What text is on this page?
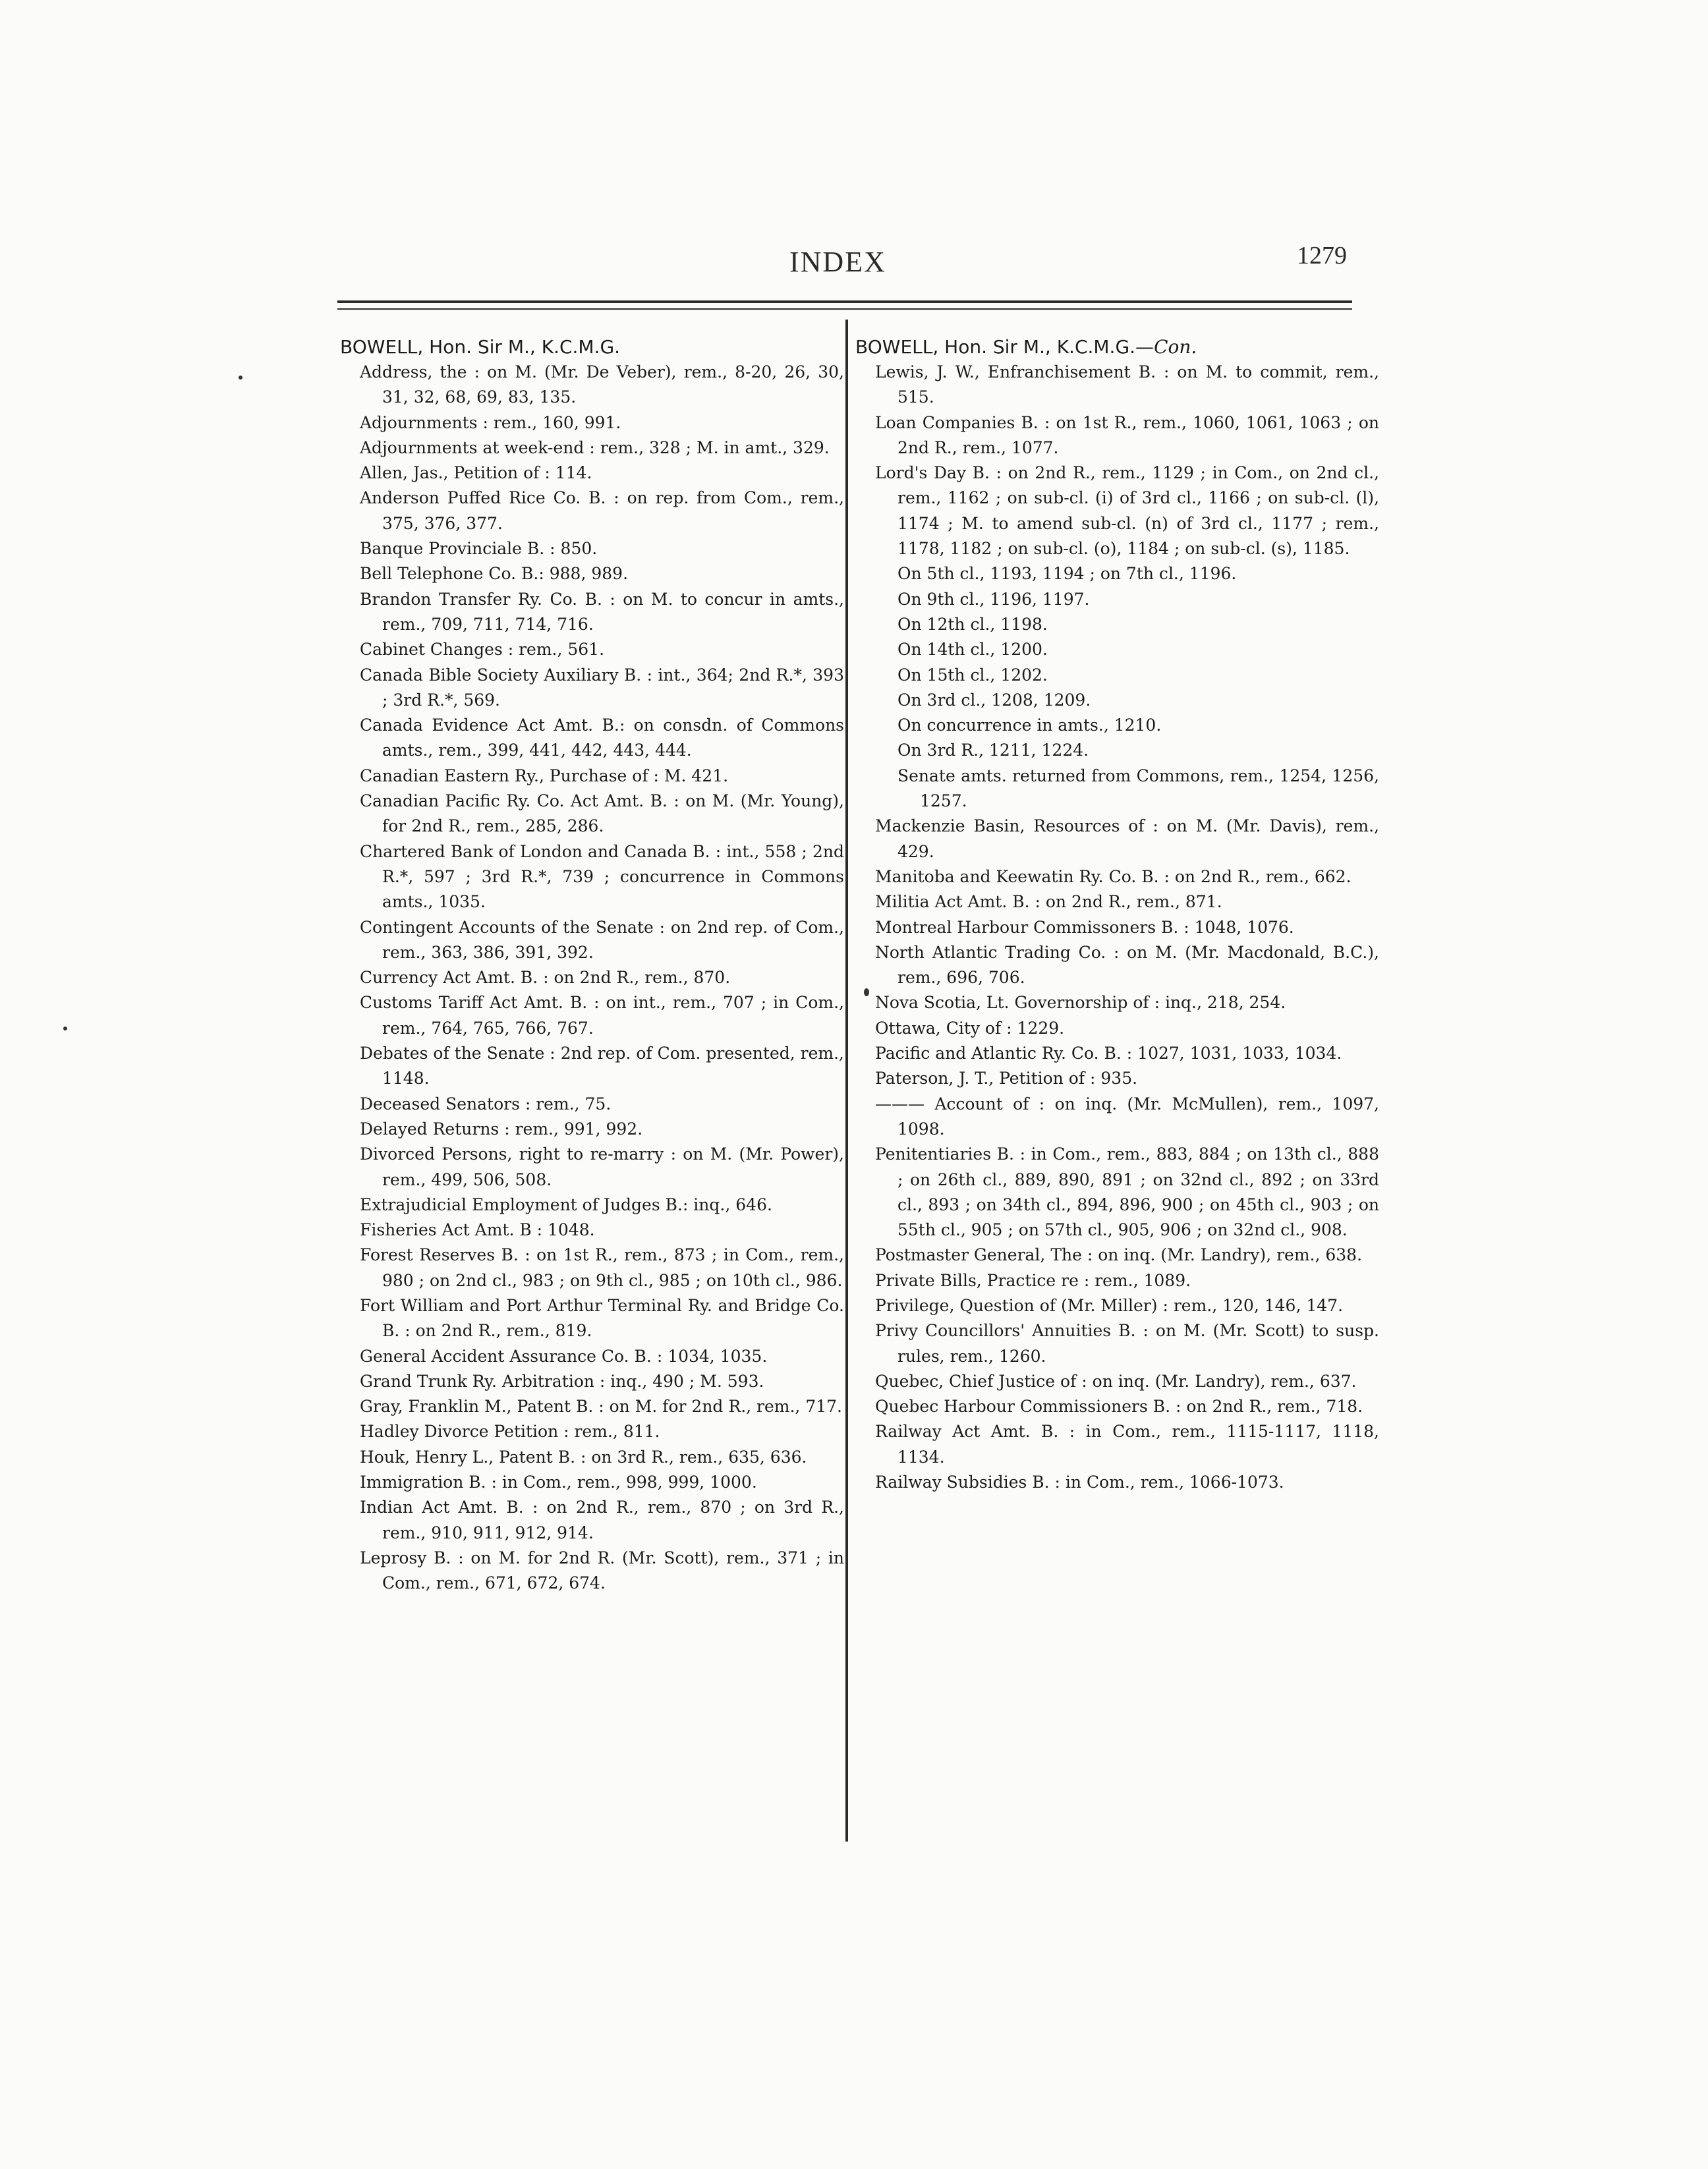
INDEX	1279
BOWELL, Hon. Sir M., K.C.M.G.
Address, the : on M. (Mr. De Veber), rem., 8-20, 26, 30, 31, 32, 68, 69, 83, 135.
Adjournments : rem., 160, 991.
Adjournments at week-end : rem., 328 ; M. in amt., 329.
Allen, Jas., Petition of : 114.
Anderson Puffed Rice Co. B. : on rep. from Com., rem., 375, 376, 377.
Banque Provinciale B. : 850.
Bell Telephone Co. B.: 988, 989.
Brandon Transfer Ry. Co. B. : on M. to concur in amts., rem., 709, 711, 714, 716.
Cabinet Changes : rem., 561.
Canada Bible Society Auxiliary B. : int., 364; 2nd R.*, 393 ; 3rd R.*, 569.
Canada Evidence Act Amt. B.: on consdn. of Commons amts., rem., 399, 441, 442, 443, 444.
Canadian Eastern Ry., Purchase of : M. 421.
Canadian Pacific Ry. Co. Act Amt. B. : on M. (Mr. Young), for 2nd R., rem., 285, 286.
Chartered Bank of London and Canada B. : int., 558 ; 2nd R.*, 597 ; 3rd R.*, 739 ; concurrence in Commons amts., 1035.
Contingent Accounts of the Senate : on 2nd rep. of Com., rem., 363, 386, 391, 392.
Currency Act Amt. B. : on 2nd R., rem., 870.
Customs Tariff Act Amt. B. : on int., rem., 707 ; in Com., rem., 764, 765, 766, 767.
Debates of the Senate : 2nd rep. of Com. presented, rem., 1148.
Deceased Senators : rem., 75.
Delayed Returns : rem., 991, 992.
Divorced Persons, right to re-marry : on M. (Mr. Power), rem., 499, 506, 508.
Extrajudicial Employment of Judges B.: inq., 646.
Fisheries Act Amt. B : 1048.
Forest Reserves B. : on 1st R., rem., 873 ; in Com., rem., 980 ; on 2nd cl., 983 ; on 9th cl., 985 ; on 10th cl., 986.
Fort William and Port Arthur Terminal Ry. and Bridge Co. B. : on 2nd R., rem., 819.
General Accident Assurance Co. B. : 1034, 1035.
Grand Trunk Ry. Arbitration : inq., 490 ; M. 593.
Gray, Franklin M., Patent B. : on M. for 2nd R., rem., 717.
Hadley Divorce Petition : rem., 811.
Houk, Henry L., Patent B. : on 3rd R., rem., 635, 636.
Immigration B. : in Com., rem., 998, 999, 1000.
Indian Act Amt. B. : on 2nd R., rem., 870 ; on 3rd R., rem., 910, 911, 912, 914.
Leprosy B. : on M. for 2nd R. (Mr. Scott), rem., 371 ; in Com., rem., 671, 672, 674.
BOWELL, Hon. Sir M., K.C.M.G.—Con.
Lewis, J. W., Enfranchisement B. : on M. to commit, rem., 515.
Loan Companies B. : on 1st R., rem., 1060, 1061, 1063 ; on 2nd R., rem., 1077.
Lord's Day B. : on 2nd R., rem., 1129 ; in Com., on 2nd cl., rem., 1162 ; on sub-cl. (i) of 3rd cl., 1166 ; on sub-cl. (l), 1174 ; M. to amend sub-cl. (n) of 3rd cl., 1177 ; rem., 1178, 1182 ; on sub-cl. (o), 1184 ; on sub-cl. (s), 1185.
On 5th cl., 1193, 1194 ; on 7th cl., 1196.
On 9th cl., 1196, 1197.
On 12th cl., 1198.
On 14th cl., 1200.
On 15th cl., 1202.
On 3rd cl., 1208, 1209.
On concurrence in amts., 1210.
On 3rd R., 1211, 1224.
Senate amts. returned from Commons, rem., 1254, 1256, 1257.
Mackenzie Basin, Resources of : on M. (Mr. Davis), rem., 429.
Manitoba and Keewatin Ry. Co. B. : on 2nd R., rem., 662.
Militia Act Amt. B. : on 2nd R., rem., 871.
Montreal Harbour Commissoners B. : 1048, 1076.
North Atlantic Trading Co. : on M. (Mr. Macdonald, B.C.), rem., 696, 706.
Nova Scotia, Lt. Governorship of : inq., 218, 254.
Ottawa, City of : 1229.
Pacific and Atlantic Ry. Co. B. : 1027, 1031, 1033, 1034.
Paterson, J. T., Petition of : 935.
——— Account of : on inq. (Mr. McMullen), rem., 1097, 1098.
Penitentiaries B. : in Com., rem., 883, 884 ; on 13th cl., 888 ; on 26th cl., 889, 890, 891 ; on 32nd cl., 892 ; on 33rd cl., 893 ; on 34th cl., 894, 896, 900 ; on 45th cl., 903 ; on 55th cl., 905 ; on 57th cl., 905, 906 ; on 32nd cl., 908.
Postmaster General, The : on inq. (Mr. Landry), rem., 638.
Private Bills, Practice re : rem., 1089.
Privilege, Question of (Mr. Miller) : rem., 120, 146, 147.
Privy Councillors' Annuities B. : on M. (Mr. Scott) to susp. rules, rem., 1260.
Quebec, Chief Justice of : on inq. (Mr. Landry), rem., 637.
Quebec Harbour Commissioners B. : on 2nd R., rem., 718.
Railway Act Amt. B. : in Com., rem., 1115-1117, 1118, 1134.
Railway Subsidies B. : in Com., rem., 1066-1073.
